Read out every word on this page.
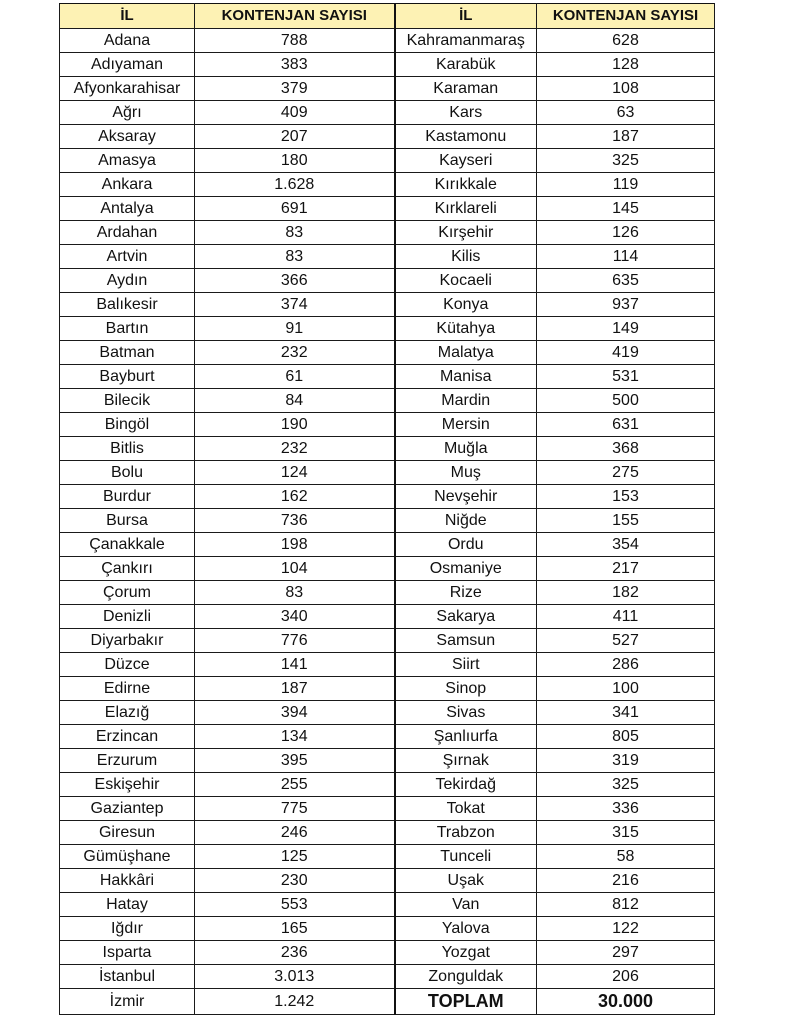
İL	KONTENJAN SAYISI	İL	KONTENJAN SAYISI
Adana	788	Kahramanmaraş	628
Adıyaman	383	Karabük	128
Afyonkarahisar	379	Karaman	108
Ağrı	409	Kars	63
Aksaray	207	Kastamonu	187
Amasya	180	Kayseri	325
Ankara	1.628	Kırıkkale	119
Antalya	691	Kırklareli	145
Ardahan	83	Kırşehir	126
Artvin	83	Kilis	114
Aydın	366	Kocaeli	635
Balıkesir	374	Konya	937
Bartın	91	Kütahya	149
Batman	232	Malatya	419
Bayburt	61	Manisa	531
Bilecik	84	Mardin	500
Bingöl	190	Mersin	631
Bitlis	232	Muğla	368
Bolu	124	Muş	275
Burdur	162	Nevşehir	153
Bursa	736	Niğde	155
Çanakkale	198	Ordu	354
Çankırı	104	Osmaniye	217
Çorum	83	Rize	182
Denizli	340	Sakarya	411
Diyarbakır	776	Samsun	527
Düzce	141	Siirt	286
Edirne	187	Sinop	100
Elazığ	394	Sivas	341
Erzincan	134	Şanlıurfa	805
Erzurum	395	Şırnak	319
Eskişehir	255	Tekirdağ	325
Gaziantep	775	Tokat	336
Giresun	246	Trabzon	315
Gümüşhane	125	Tunceli	58
Hakkâri	230	Uşak	216
Hatay	553	Van	812
Iğdır	165	Yalova	122
Isparta	236	Yozgat	297
İstanbul	3.013	Zonguldak	206
İzmir	1.242	TOPLAM	30.000
